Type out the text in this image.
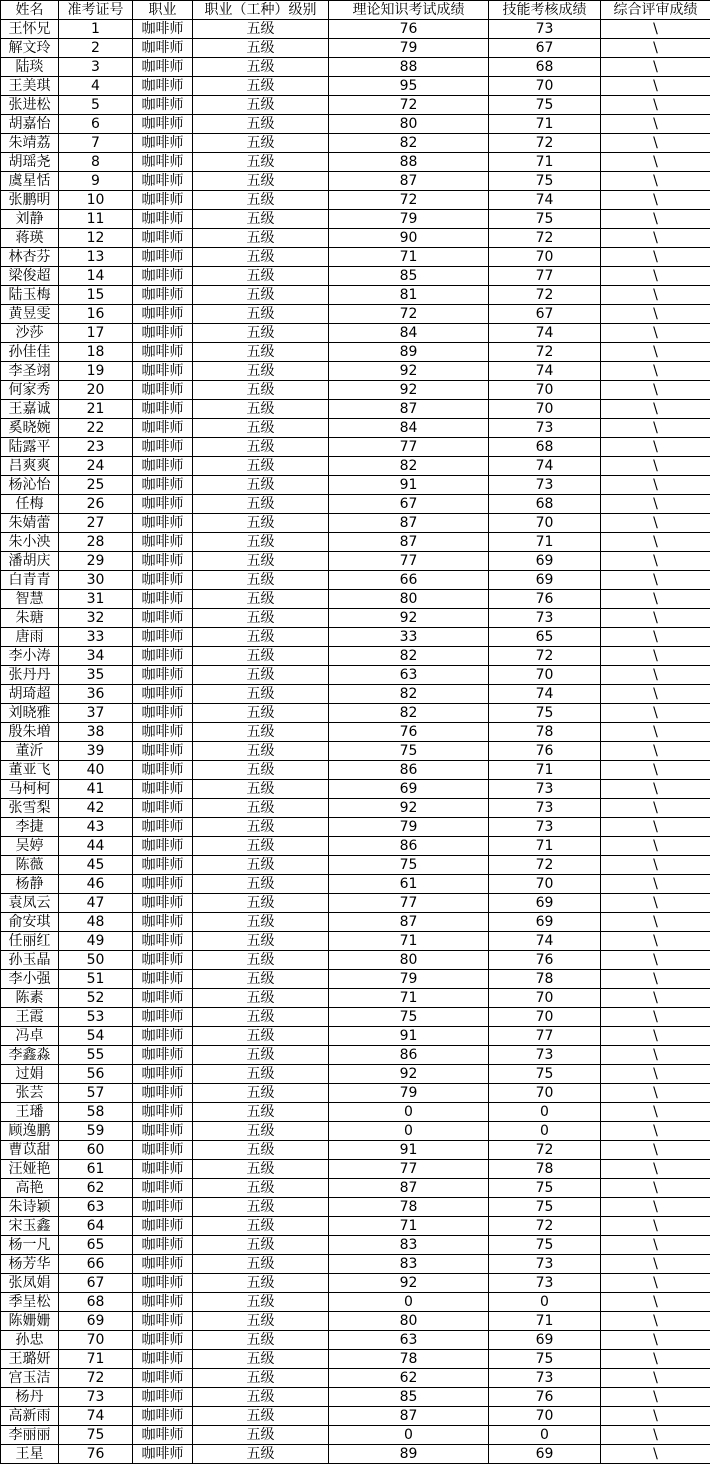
姓名	准考证号	职业	职业（工种）级别	理论知识考试成绩	技能考核成绩	综合评审成绩
王怀兄	1	咖啡师	五级	76	73	\
解文玲	2	咖啡师	五级	79	67	\
陆琰	3	咖啡师	五级	88	68	\
王美琪	4	咖啡师	五级	95	70	\
张进松	5	咖啡师	五级	72	75	\
胡嘉怡	6	咖啡师	五级	80	71	\
朱靖荔	7	咖啡师	五级	82	72	\
胡瑶尧	8	咖啡师	五级	88	71	\
虞星恬	9	咖啡师	五级	87	75	\
张鹏明	10	咖啡师	五级	72	74	\
刘静	11	咖啡师	五级	79	75	\
蒋瑛	12	咖啡师	五级	90	72	\
林杏芬	13	咖啡师	五级	71	70	\
梁俊超	14	咖啡师	五级	85	77	\
陆玉梅	15	咖啡师	五级	81	72	\
黄昱雯	16	咖啡师	五级	72	67	\
沙莎	17	咖啡师	五级	84	74	\
孙佳佳	18	咖啡师	五级	89	72	\
李圣翊	19	咖啡师	五级	92	74	\
何家秀	20	咖啡师	五级	92	70	\
王嘉诚	21	咖啡师	五级	87	70	\
奚晓婉	22	咖啡师	五级	84	73	\
陆露平	23	咖啡师	五级	77	68	\
吕爽爽	24	咖啡师	五级	82	74	\
杨沁怡	25	咖啡师	五级	91	73	\
任梅	26	咖啡师	五级	67	68	\
朱婧蕾	27	咖啡师	五级	87	70	\
朱小泱	28	咖啡师	五级	87	71	\
潘胡庆	29	咖啡师	五级	77	69	\
白青青	30	咖啡师	五级	66	69	\
智慧	31	咖啡师	五级	80	76	\
朱瑭	32	咖啡师	五级	92	73	\
唐雨	33	咖啡师	五级	33	65	\
李小涛	34	咖啡师	五级	82	72	\
张丹丹	35	咖啡师	五级	63	70	\
胡琦超	36	咖啡师	五级	82	74	\
刘晓雅	37	咖啡师	五级	82	75	\
殷朱増	38	咖啡师	五级	76	78	\
董沂	39	咖啡师	五级	75	76	\
董亚飞	40	咖啡师	五级	86	71	\
马柯柯	41	咖啡师	五级	69	73	\
张雪梨	42	咖啡师	五级	92	73	\
李捷	43	咖啡师	五级	79	73	\
吴婷	44	咖啡师	五级	86	71	\
陈薇	45	咖啡师	五级	75	72	\
杨静	46	咖啡师	五级	61	70	\
袁凤云	47	咖啡师	五级	77	69	\
俞安琪	48	咖啡师	五级	87	69	\
任丽红	49	咖啡师	五级	71	74	\
孙玉晶	50	咖啡师	五级	80	76	\
李小强	51	咖啡师	五级	79	78	\
陈素	52	咖啡师	五级	71	70	\
王霞	53	咖啡师	五级	75	70	\
冯卓	54	咖啡师	五级	91	77	\
李鑫淼	55	咖啡师	五级	86	73	\
过娟	56	咖啡师	五级	92	75	\
张芸	57	咖啡师	五级	79	70	\
王璠	58	咖啡师	五级	0	0	\
顾逸鹏	59	咖啡师	五级	0	0	\
曹苡甜	60	咖啡师	五级	91	72	\
汪娅艳	61	咖啡师	五级	77	78	\
高艳	62	咖啡师	五级	87	75	\
朱诗颖	63	咖啡师	五级	78	75	\
宋玉鑫	64	咖啡师	五级	71	72	\
杨一凡	65	咖啡师	五级	83	75	\
杨芳华	66	咖啡师	五级	83	73	\
张凤娟	67	咖啡师	五级	92	73	\
季呈松	68	咖啡师	五级	0	0	\
陈姗姗	69	咖啡师	五级	80	71	\
孙忠	70	咖啡师	五级	63	69	\
王璐妍	71	咖啡师	五级	78	75	\
宫玉洁	72	咖啡师	五级	62	73	\
杨丹	73	咖啡师	五级	85	76	\
高新雨	74	咖啡师	五级	87	70	\
李丽丽	75	咖啡师	五级	0	0	\
王星	76	咖啡师	五级	89	69	\
